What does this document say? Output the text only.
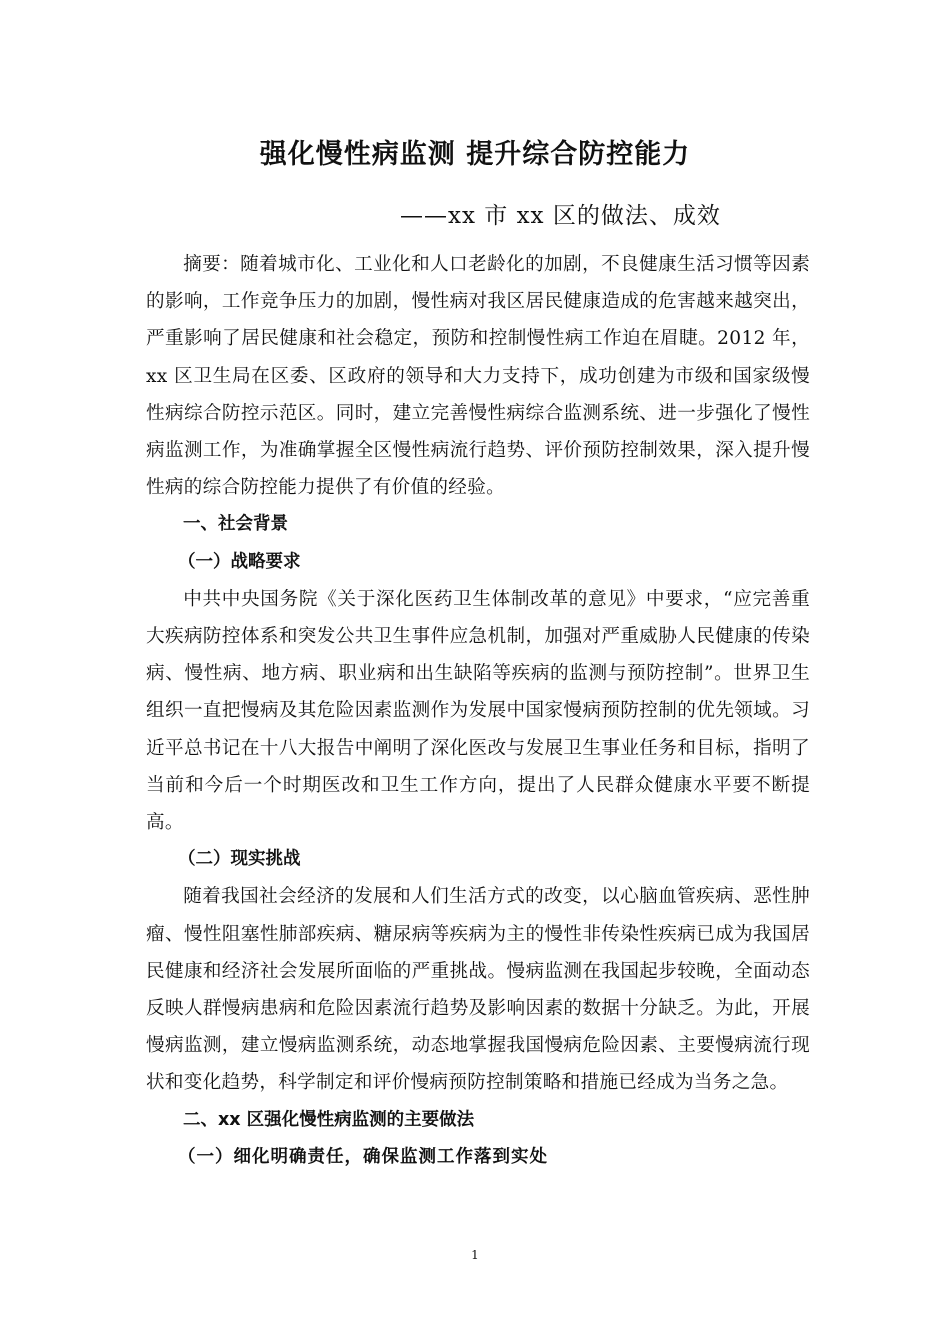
强化慢性病监测 提升综合防控能力
——xx 市 xx 区的做法、成效

摘要：随着城市化、工业化和人口老龄化的加剧，不良健康生活习惯等因素的影响，工作竞争压力的加剧，慢性病对我区居民健康造成的危害越来越突出，严重影响了居民健康和社会稳定，预防和控制慢性病工作迫在眉睫。2012 年，xx 区卫生局在区委、区政府的领导和大力支持下，成功创建为市级和国家级慢性病综合防控示范区。同时，建立完善慢性病综合监测系统、进一步强化了慢性病监测工作，为准确掌握全区慢性病流行趋势、评价预防控制效果，深入提升慢性病的综合防控能力提供了有价值的经验。

一、社会背景

（一）战略要求

中共中央国务院《关于深化医药卫生体制改革的意见》中要求，“应完善重大疾病防控体系和突发公共卫生事件应急机制，加强对严重威胁人民健康的传染病、慢性病、地方病、职业病和出生缺陷等疾病的监测与预防控制”。世界卫生组织一直把慢病及其危险因素监测作为发展中国家慢病预防控制的优先领域。习近平总书记在十八大报告中阐明了深化医改与发展卫生事业任务和目标，指明了当前和今后一个时期医改和卫生工作方向，提出了人民群众健康水平要不断提高。

（二）现实挑战

随着我国社会经济的发展和人们生活方式的改变，以心脑血管疾病、恶性肿瘤、慢性阻塞性肺部疾病、糖尿病等疾病为主的慢性非传染性疾病已成为我国居民健康和经济社会发展所面临的严重挑战。慢病监测在我国起步较晚，全面动态反映人群慢病患病和危险因素流行趋势及影响因素的数据十分缺乏。为此，开展慢病监测，建立慢病监测系统，动态地掌握我国慢病危险因素、主要慢病流行现状和变化趋势，科学制定和评价慢病预防控制策略和措施已经成为当务之急。

二、xx 区强化慢性病监测的主要做法

（一）细化明确责任，确保监测工作落到实处

1
